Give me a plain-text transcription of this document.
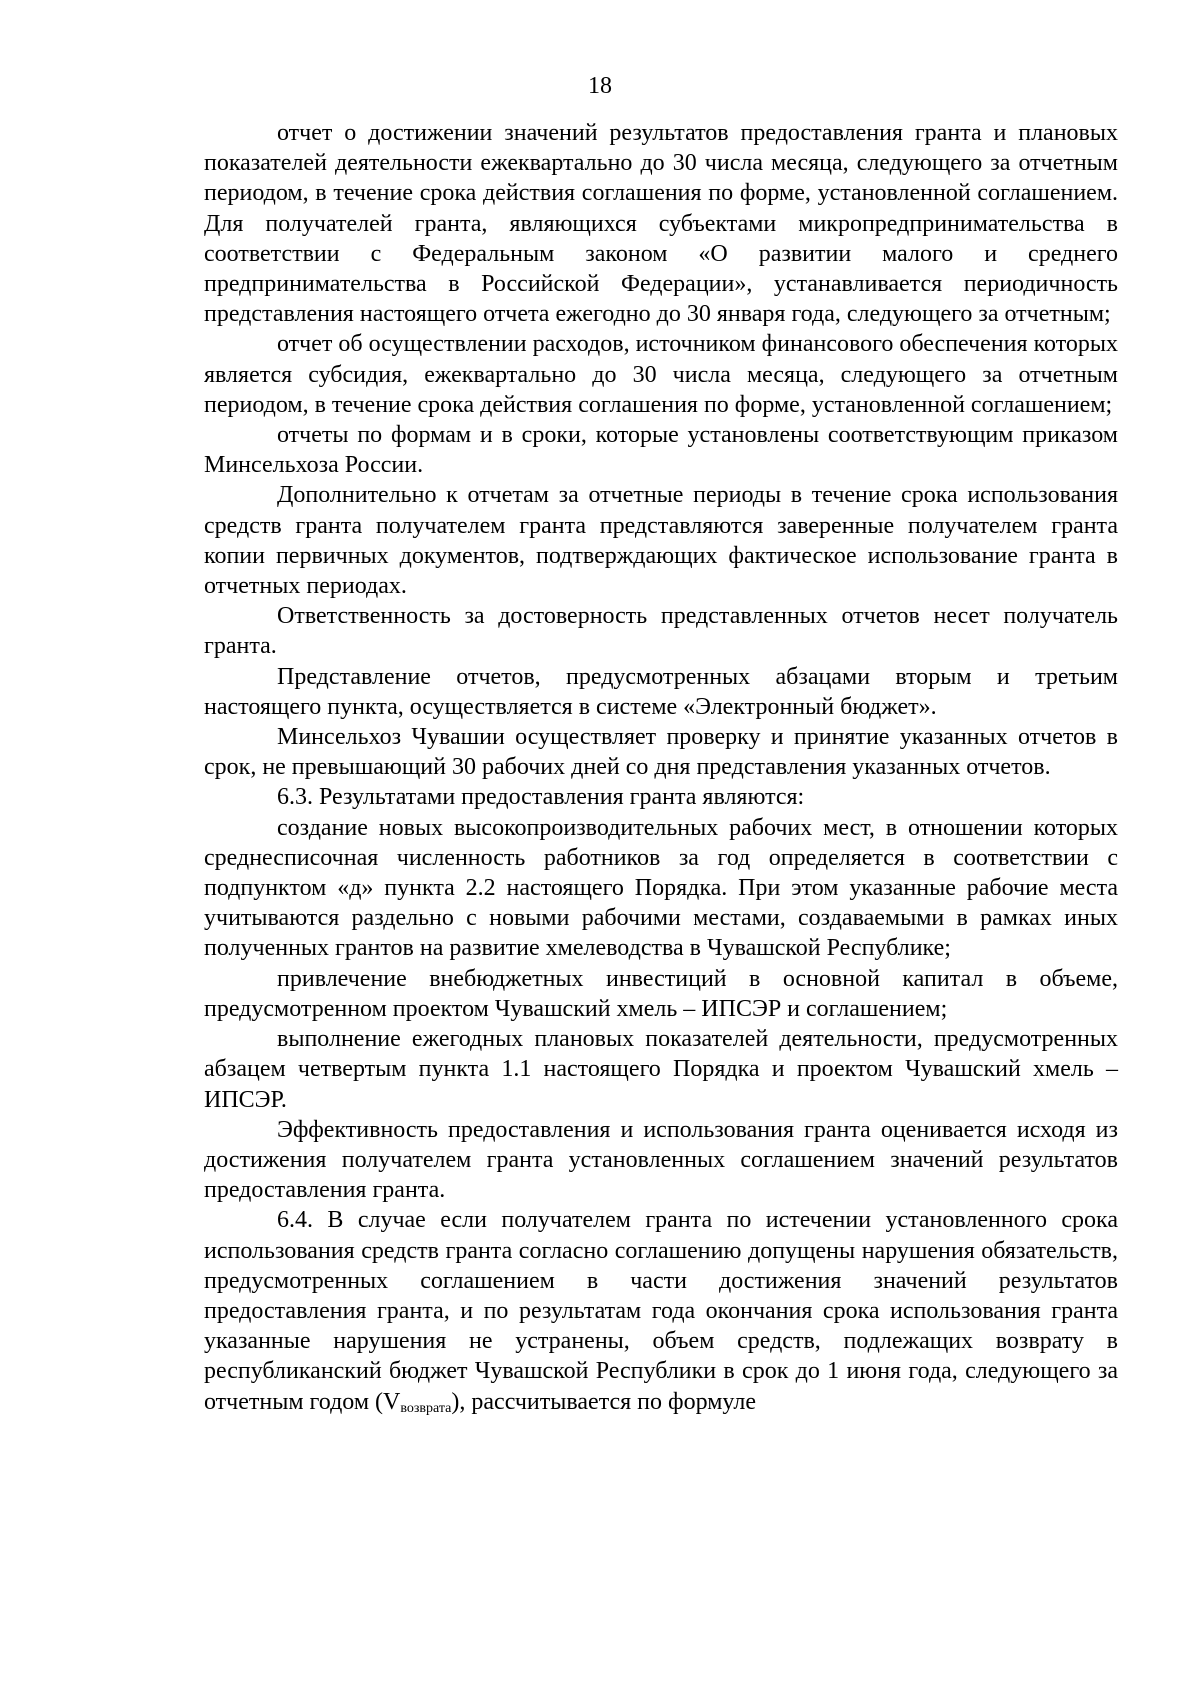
18

отчет о достижении значений результатов предоставления гранта и плановых показателей деятельности ежеквартально до 30 числа месяца, следующего за отчетным периодом, в течение срока действия соглашения по форме, установленной соглашением. Для получателей гранта, являющихся субъектами микропредпринимательства в соответствии с Федеральным законом «О развитии малого и среднего предпринимательства в Российской Федерации», устанавливается периодичность представления настоящего отчета ежегодно до 30 января года, следующего за отчетным;

отчет об осуществлении расходов, источником финансового обеспечения которых является субсидия, ежеквартально до 30 числа месяца, следующего за отчетным периодом, в течение срока действия соглашения по форме, установленной соглашением;

отчеты по формам и в сроки, которые установлены соответствующим приказом Минсельхоза России.

Дополнительно к отчетам за отчетные периоды в течение срока использования средств гранта получателем гранта представляются заверенные получателем гранта копии первичных документов, подтверждающих фактическое использование гранта в отчетных периодах.

Ответственность за достоверность представленных отчетов несет получатель гранта.

Представление отчетов, предусмотренных абзацами вторым и третьим настоящего пункта, осуществляется в системе «Электронный бюджет».

Минсельхоз Чувашии осуществляет проверку и принятие указанных отчетов в срок, не превышающий 30 рабочих дней со дня представления указанных отчетов.

6.3. Результатами предоставления гранта являются:

создание новых высокопроизводительных рабочих мест, в отношении которых среднесписочная численность работников за год определяется в соответствии с подпунктом «д» пункта 2.2 настоящего Порядка. При этом указанные рабочие места учитываются раздельно с новыми рабочими местами, создаваемыми в рамках иных полученных грантов на развитие хмелеводства в Чувашской Республике;

привлечение внебюджетных инвестиций в основной капитал в объеме, предусмотренном проектом Чувашский хмель – ИПСЭР и соглашением;

выполнение ежегодных плановых показателей деятельности, предусмотренных абзацем четвертым пункта 1.1 настоящего Порядка и проектом Чувашский хмель – ИПСЭР.

Эффективность предоставления и использования гранта оценивается исходя из достижения получателем гранта установленных соглашением значений результатов предоставления гранта.

6.4. В случае если получателем гранта по истечении установленного срока использования средств гранта согласно соглашению допущены нарушения обязательств, предусмотренных соглашением в части достижения значений результатов предоставления гранта, и по результатам года окончания срока использования гранта указанные нарушения не устранены, объем средств, подлежащих возврату в республиканский бюджет Чувашской Республики в срок до 1 июня года, следующего за отчетным годом $(V_{возврата})$, рассчитывается по формуле
